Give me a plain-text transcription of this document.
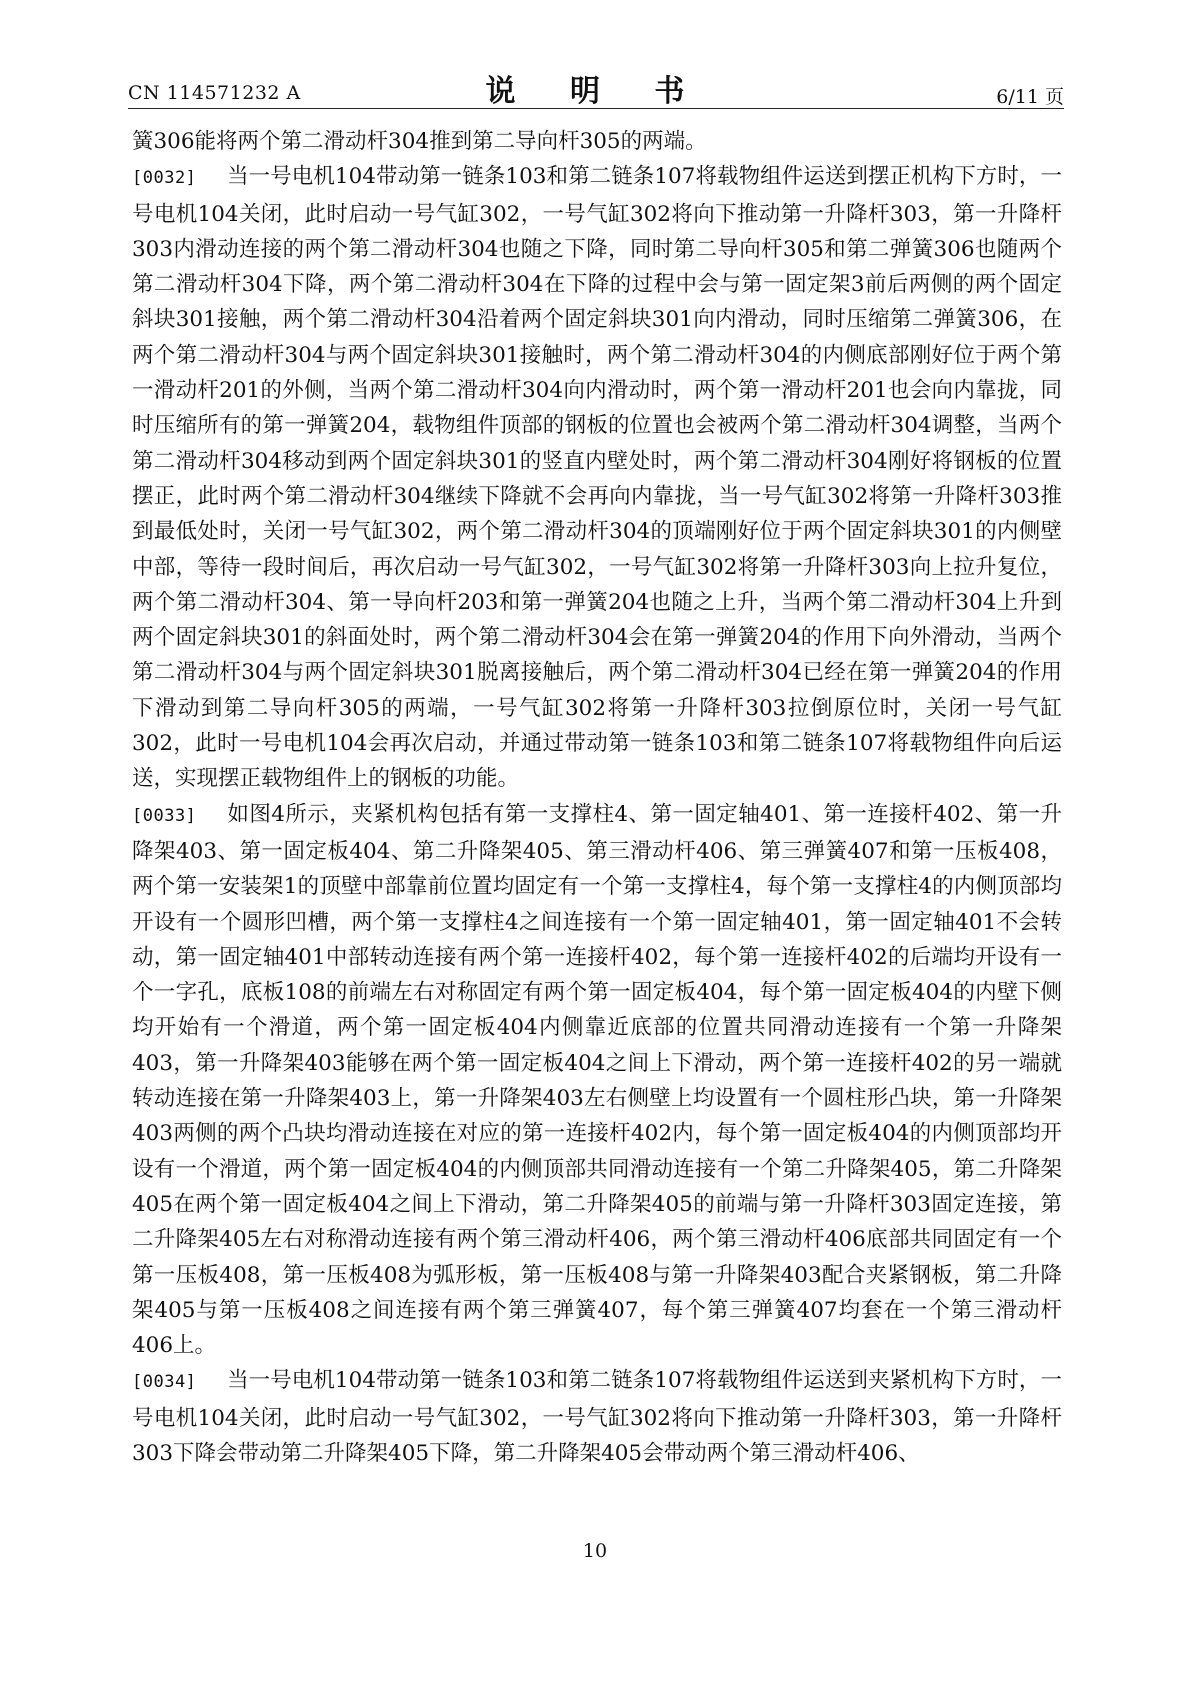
CN 114571232 A	说 明 书	6/11 页

簧306能将两个第二滑动杆304推到第二导向杆305的两端。

[0032] 当一号电机104带动第一链条103和第二链条107将载物组件运送到摆正机构下方时，一号电机104关闭，此时启动一号气缸302，一号气缸302将向下推动第一升降杆303，第一升降杆303内滑动连接的两个第二滑动杆304也随之下降，同时第二导向杆305和第二弹簧306也随两个第二滑动杆304下降，两个第二滑动杆304在下降的过程中会与第一固定架3前后两侧的两个固定斜块301接触，两个第二滑动杆304沿着两个固定斜块301向内滑动，同时压缩第二弹簧306，在两个第二滑动杆304与两个固定斜块301接触时，两个第二滑动杆304的内侧底部刚好位于两个第一滑动杆201的外侧，当两个第二滑动杆304向内滑动时，两个第一滑动杆201也会向内靠拢，同时压缩所有的第一弹簧204，载物组件顶部的钢板的位置也会被两个第二滑动杆304调整，当两个第二滑动杆304移动到两个固定斜块301的竖直内壁处时，两个第二滑动杆304刚好将钢板的位置摆正，此时两个第二滑动杆304继续下降就不会再向内靠拢，当一号气缸302将第一升降杆303推到最低处时，关闭一号气缸302，两个第二滑动杆304的顶端刚好位于两个固定斜块301的内侧壁中部，等待一段时间后，再次启动一号气缸302，一号气缸302将第一升降杆303向上拉升复位，两个第二滑动杆304、第一导向杆203和第一弹簧204也随之上升，当两个第二滑动杆304上升到两个固定斜块301的斜面处时，两个第二滑动杆304会在第一弹簧204的作用下向外滑动，当两个第二滑动杆304与两个固定斜块301脱离接触后，两个第二滑动杆304已经在第一弹簧204的作用下滑动到第二导向杆305的两端，一号气缸302将第一升降杆303拉倒原位时，关闭一号气缸302，此时一号电机104会再次启动，并通过带动第一链条103和第二链条107将载物组件向后运送，实现摆正载物组件上的钢板的功能。

[0033] 如图4所示，夹紧机构包括有第一支撑柱4、第一固定轴401、第一连接杆402、第一升降架403、第一固定板404、第二升降架405、第三滑动杆406、第三弹簧407和第一压板408，两个第一安装架1的顶壁中部靠前位置均固定有一个第一支撑柱4，每个第一支撑柱4的内侧顶部均开设有一个圆形凹槽，两个第一支撑柱4之间连接有一个第一固定轴401，第一固定轴401不会转动，第一固定轴401中部转动连接有两个第一连接杆402，每个第一连接杆402的后端均开设有一个一字孔，底板108的前端左右对称固定有两个第一固定板404，每个第一固定板404的内壁下侧均开始有一个滑道，两个第一固定板404内侧靠近底部的位置共同滑动连接有一个第一升降架403，第一升降架403能够在两个第一固定板404之间上下滑动，两个第一连接杆402的另一端就转动连接在第一升降架403上，第一升降架403左右侧壁上均设置有一个圆柱形凸块，第一升降架403两侧的两个凸块均滑动连接在对应的第一连接杆402内，每个第一固定板404的内侧顶部均开设有一个滑道，两个第一固定板404的内侧顶部共同滑动连接有一个第二升降架405，第二升降架405在两个第一固定板404之间上下滑动，第二升降架405的前端与第一升降杆303固定连接，第二升降架405左右对称滑动连接有两个第三滑动杆406，两个第三滑动杆406底部共同固定有一个第一压板408，第一压板408为弧形板，第一压板408与第一升降架403配合夹紧钢板，第二升降架405与第一压板408之间连接有两个第三弹簧407，每个第三弹簧407均套在一个第三滑动杆406上。

[0034] 当一号电机104带动第一链条103和第二链条107将载物组件运送到夹紧机构下方时，一号电机104关闭，此时启动一号气缸302，一号气缸302将向下推动第一升降杆303，第一升降杆303下降会带动第二升降架405下降，第二升降架405会带动两个第三滑动杆406、

10
